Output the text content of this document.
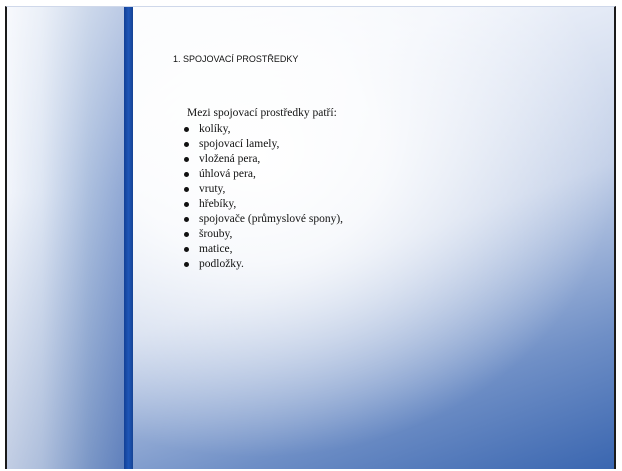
1. SPOJOVACÍ PROSTŘEDKY

Mezi spojovací prostředky patří:

kolíky,
spojovací lamely,
vložená pera,
úhlová pera,
vruty,
hřebíky,
spojovače (průmyslové spony),
šrouby,
matice,
podložky.
